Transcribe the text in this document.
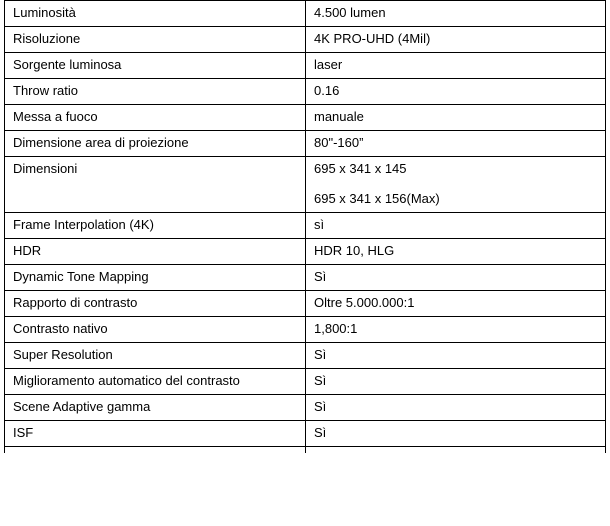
Luminosità	4.500 lumen
Risoluzione	4K PRO-UHD (4Mil)
Sorgente luminosa	laser
Throw ratio	0.16
Messa a fuoco	manuale
Dimensione area di proiezione	80"-160”
Dimensioni	695 x 341 x 145
695 x 341 x 156(Max)

Frame Interpolation (4K)	sì
HDR	HDR 10, HLG
Dynamic Tone Mapping	Sì
Rapporto di contrasto	Oltre 5.000.000:1
Contrasto nativo	1,800:1
Super Resolution	Sì
Miglioramento automatico del contrasto	Sì
Scene Adaptive gamma	Sì
ISF	Sì
